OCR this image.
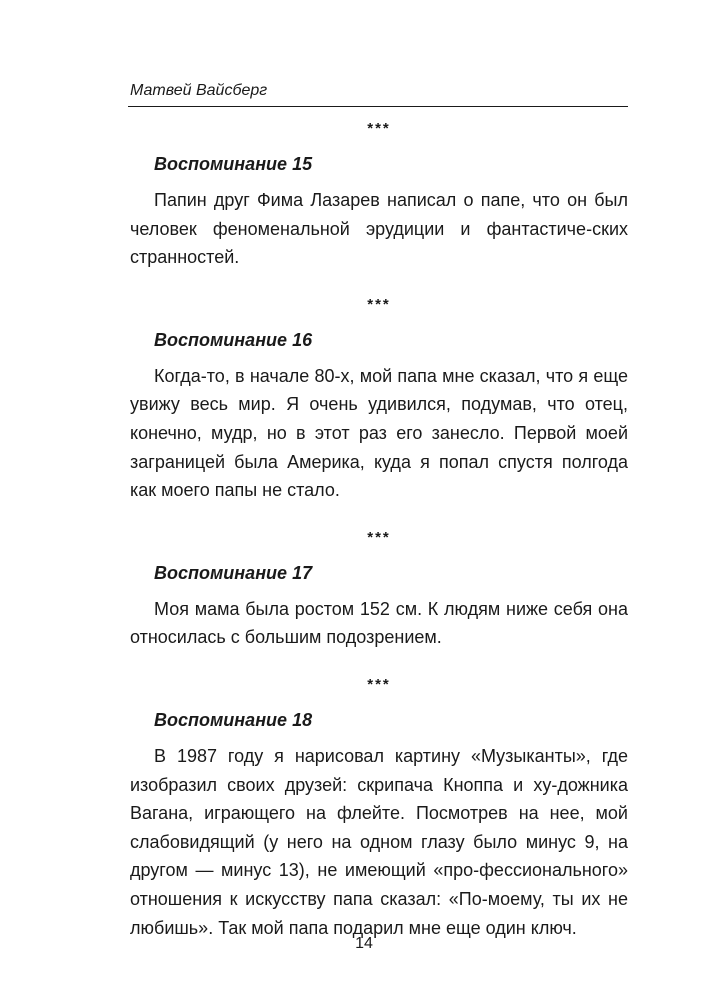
Матвей Вайсберг
***
Воспоминание 15

Папин друг Фима Лазарев написал о папе, что он был человек феноменальной эрудиции и фантастиче-ских странностей.

***
Воспоминание 16

Когда-то, в начале 80-х, мой папа мне сказал, что я еще увижу весь мир. Я очень удивился, подумав, что отец, конечно, мудр, но в этот раз его занесло. Первой моей заграницей была Америка, куда я попал спустя полгода как моего папы не стало.

***
Воспоминание 17

Моя мама была ростом 152 см. К людям ниже себя она относилась с большим подозрением.

***
Воспоминание 18

В 1987 году я нарисовал картину «Музыканты», где изобразил своих друзей: скрипача Кноппа и ху-дожника Вагана, играющего на флейте. Посмотрев на нее, мой слабовидящий (у него на одном глазу было минус 9, на другом — минус 13), не имеющий «про-фессионального» отношения к искусству папа сказал: «По-моему, ты их не любишь». Так мой папа подарил мне еще один ключ.

14
